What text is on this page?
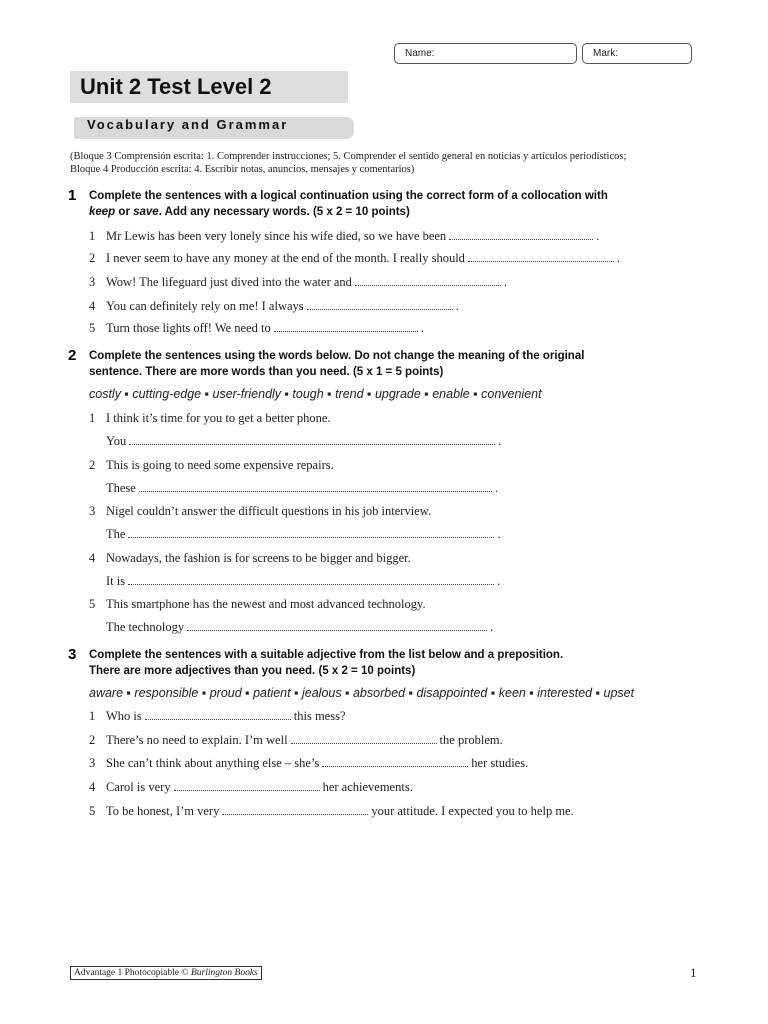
Name:	Mark:
Unit 2 Test Level 2
Vocabulary and Grammar
(Bloque 3 Comprensión escrita: 1. Comprender instrucciones; 5. Comprender el sentido general en noticias y artículos periodísticos;
Bloque 4 Producción escrita: 4. Escribir notas, anuncios, mensajes y comentarios)
1 Complete the sentences with a logical continuation using the correct form of a collocation with
keep or save. Add any necessary words. (5 x 2 = 10 points)
1 Mr Lewis has been very lonely since his wife died, so we have been	.
2 I never seem to have any money at the end of the month. I really should	.
3 Wow! The lifeguard just dived into the water and	.
4 You can definitely rely on me! I always	.
5 Turn those lights off! We need to	.
2 Complete the sentences using the words below. Do not change the meaning of the original
sentence. There are more words than you need. (5 x 1 = 5 points)
costly ▪ cutting-edge ▪ user-friendly ▪ tough ▪ trend ▪ upgrade ▪ enable ▪ convenient
1 I think it’s time for you to get a better phone.
You	.
2 This is going to need some expensive repairs.
These	.
3 Nigel couldn’t answer the difficult questions in his job interview.
The	.
4 Nowadays, the fashion is for screens to be bigger and bigger.
It is	.
5 This smartphone has the newest and most advanced technology.
The technology	.
3 Complete the sentences with a suitable adjective from the list below and a preposition.
There are more adjectives than you need. (5 x 2 = 10 points)
aware ▪ responsible ▪ proud ▪ patient ▪ jealous ▪ absorbed ▪ disappointed ▪ keen ▪ interested ▪ upset
1 Who is	this mess?
2 There’s no need to explain. I’m well	the problem.
3 She can’t think about anything else – she’s	her studies.
4 Carol is very	her achievements.
5 To be honest, I’m very	your attitude. I expected you to help me.
Advantage 1 Photocopiable © Burlington Books	1
